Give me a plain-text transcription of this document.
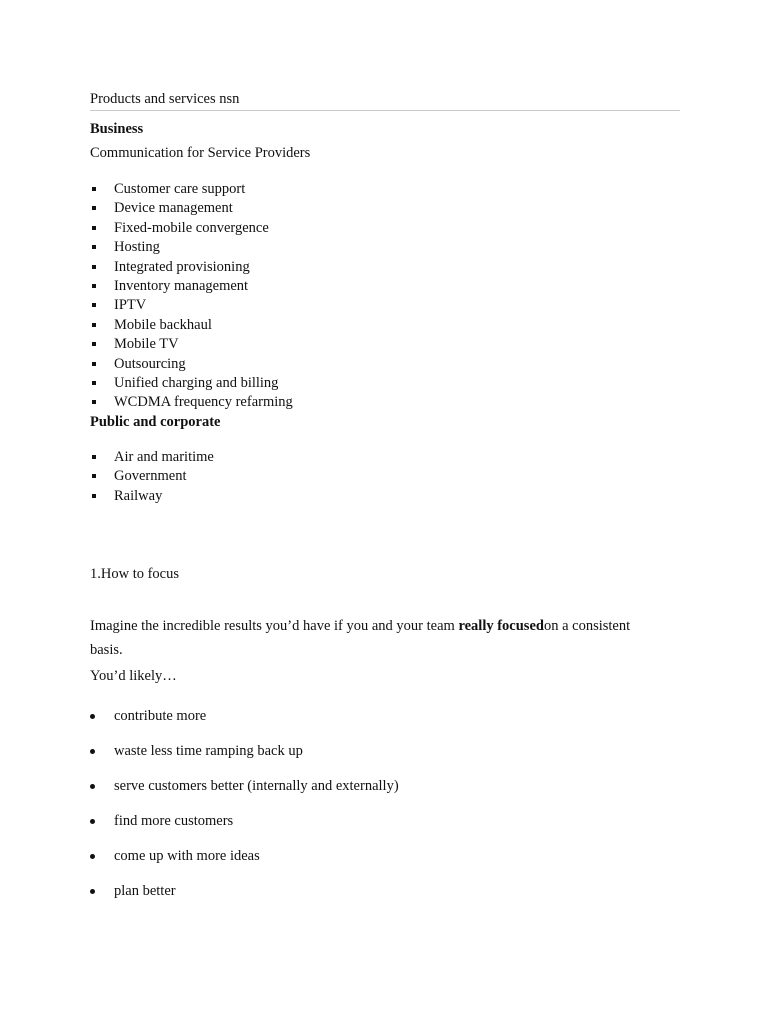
Products and services nsn
Business
Communication for Service Providers
Customer care support
Device management
Fixed-mobile convergence
Hosting
Integrated provisioning
Inventory management
IPTV
Mobile backhaul
Mobile TV
Outsourcing
Unified charging and billing
WCDMA frequency refarming
Public and corporate
Air and maritime
Government
Railway
1.How to focus
Imagine the incredible results you’d have if you and your team really focusedon a consistent
basis.
You’d likely…
contribute more
waste less time ramping back up
serve customers better (internally and externally)
find more customers
come up with more ideas
plan better
